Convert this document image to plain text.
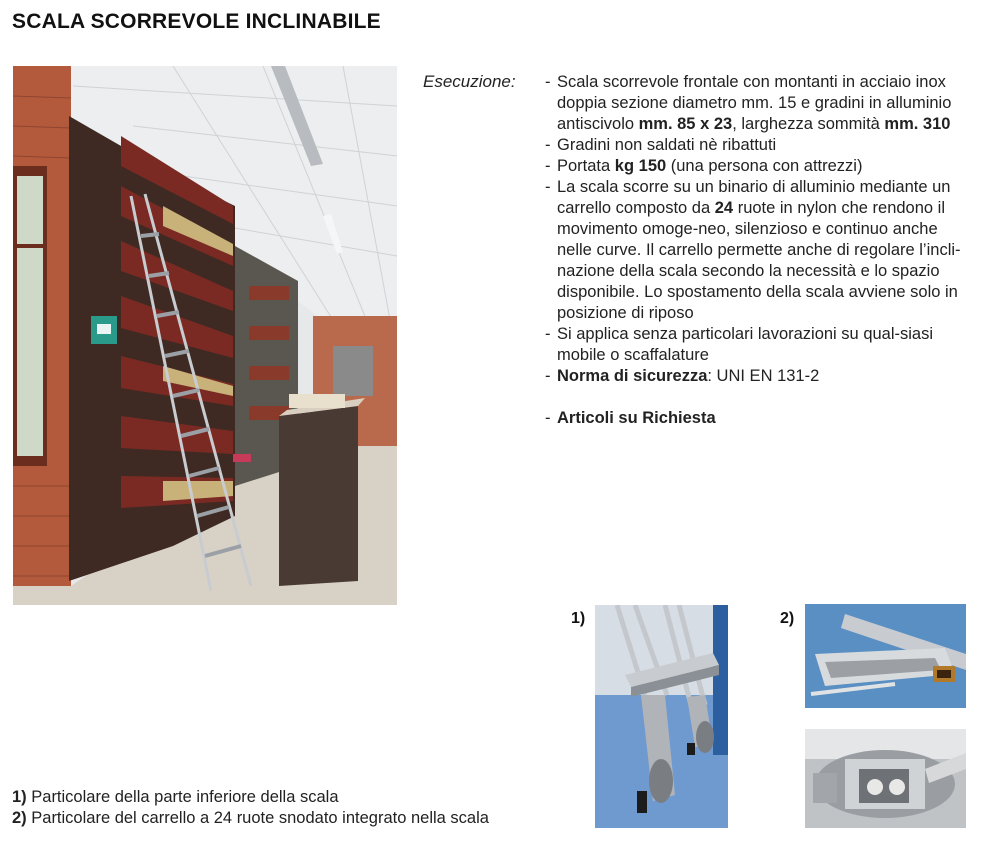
SCALA SCORREVOLE INCLINABILE
Esecuzione:
-	Scala scorrevole frontale con montanti in acciaio inox doppia sezione diametro mm. 15 e gradini in alluminio antiscivolo mm. 85 x 23, larghezza sommità mm. 310
- Gradini non saldati nè ribattuti
- Portata kg 150 (una persona con attrezzi)
- La scala scorre su un binario di alluminio mediante un carrello composto da 24 ruote in nylon che rendono il movimento omoge-neo, silenzioso e continuo anche nelle curve. Il carrello permette anche di regolare l’incli-nazione della scala secondo la necessità e lo spazio disponibile. Lo spostamento della scala avviene solo in posizione di riposo
- Si applica senza particolari lavorazioni su qual-siasi mobile o scaffalature
- Norma di sicurezza: UNI EN 131-2
- Articoli su Richiesta
1)	2)
1) Particolare della parte inferiore della scala
2) Particolare del carrello a 24 ruote snodato integrato nella scala
